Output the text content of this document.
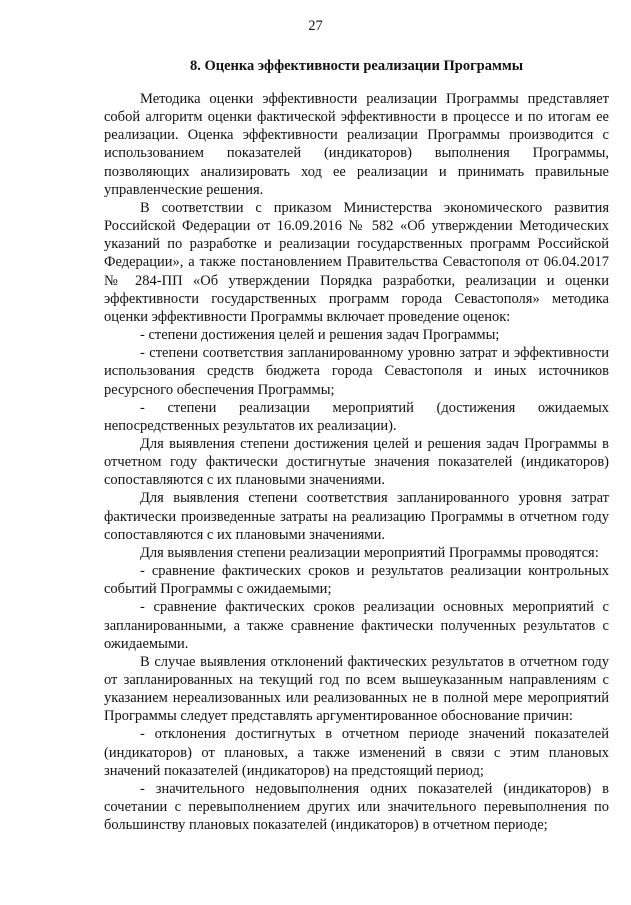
27
8. Оценка эффективности реализации Программы

Методика оценки эффективности реализации Программы представляет собой алгоритм оценки фактической эффективности в процессе и по итогам ее реализации. Оценка эффективности реализации Программы производится с использованием показателей (индикаторов) выполнения Программы, позволяющих анализировать ход ее реализации и принимать правильные управленческие решения.

В соответствии с приказом Министерства экономического развития Российской Федерации от 16.09.2016 № 582 «Об утверждении Методических указаний по разработке и реализации государственных программ Российской Федерации», а также постановлением Правительства Севастополя от 06.04.2017 № 284-ПП «Об утверждении Порядка разработки, реализации и оценки эффективности государственных программ города Севастополя» методика оценки эффективности Программы включает проведение оценок:

- степени достижения целей и решения задач Программы;

- степени соответствия запланированному уровню затрат и эффективности использования средств бюджета города Севастополя и иных источников ресурсного обеспечения Программы;

- степени реализации мероприятий (достижения ожидаемых непосредственных результатов их реализации).

Для выявления степени достижения целей и решения задач Программы в отчетном году фактически достигнутые значения показателей (индикаторов) сопоставляются с их плановыми значениями.

Для выявления степени соответствия запланированного уровня затрат фактически произведенные затраты на реализацию Программы в отчетном году сопоставляются с их плановыми значениями.

Для выявления степени реализации мероприятий Программы проводятся:

- сравнение фактических сроков и результатов реализации контрольных событий Программы с ожидаемыми;

- сравнение фактических сроков реализации основных мероприятий с запланированными, а также сравнение фактически полученных результатов с ожидаемыми.

В случае выявления отклонений фактических результатов в отчетном году от запланированных на текущий год по всем вышеуказанным направлениям с указанием нереализованных или реализованных не в полной мере мероприятий Программы следует представлять аргументированное обоснование причин:

- отклонения достигнутых в отчетном периоде значений показателей (индикаторов) от плановых, а также изменений в связи с этим плановых значений показателей (индикаторов) на предстоящий период;

- значительного недовыполнения одних показателей (индикаторов) в сочетании с перевыполнением других или значительного перевыполнения по большинству плановых показателей (индикаторов) в отчетном периоде;
